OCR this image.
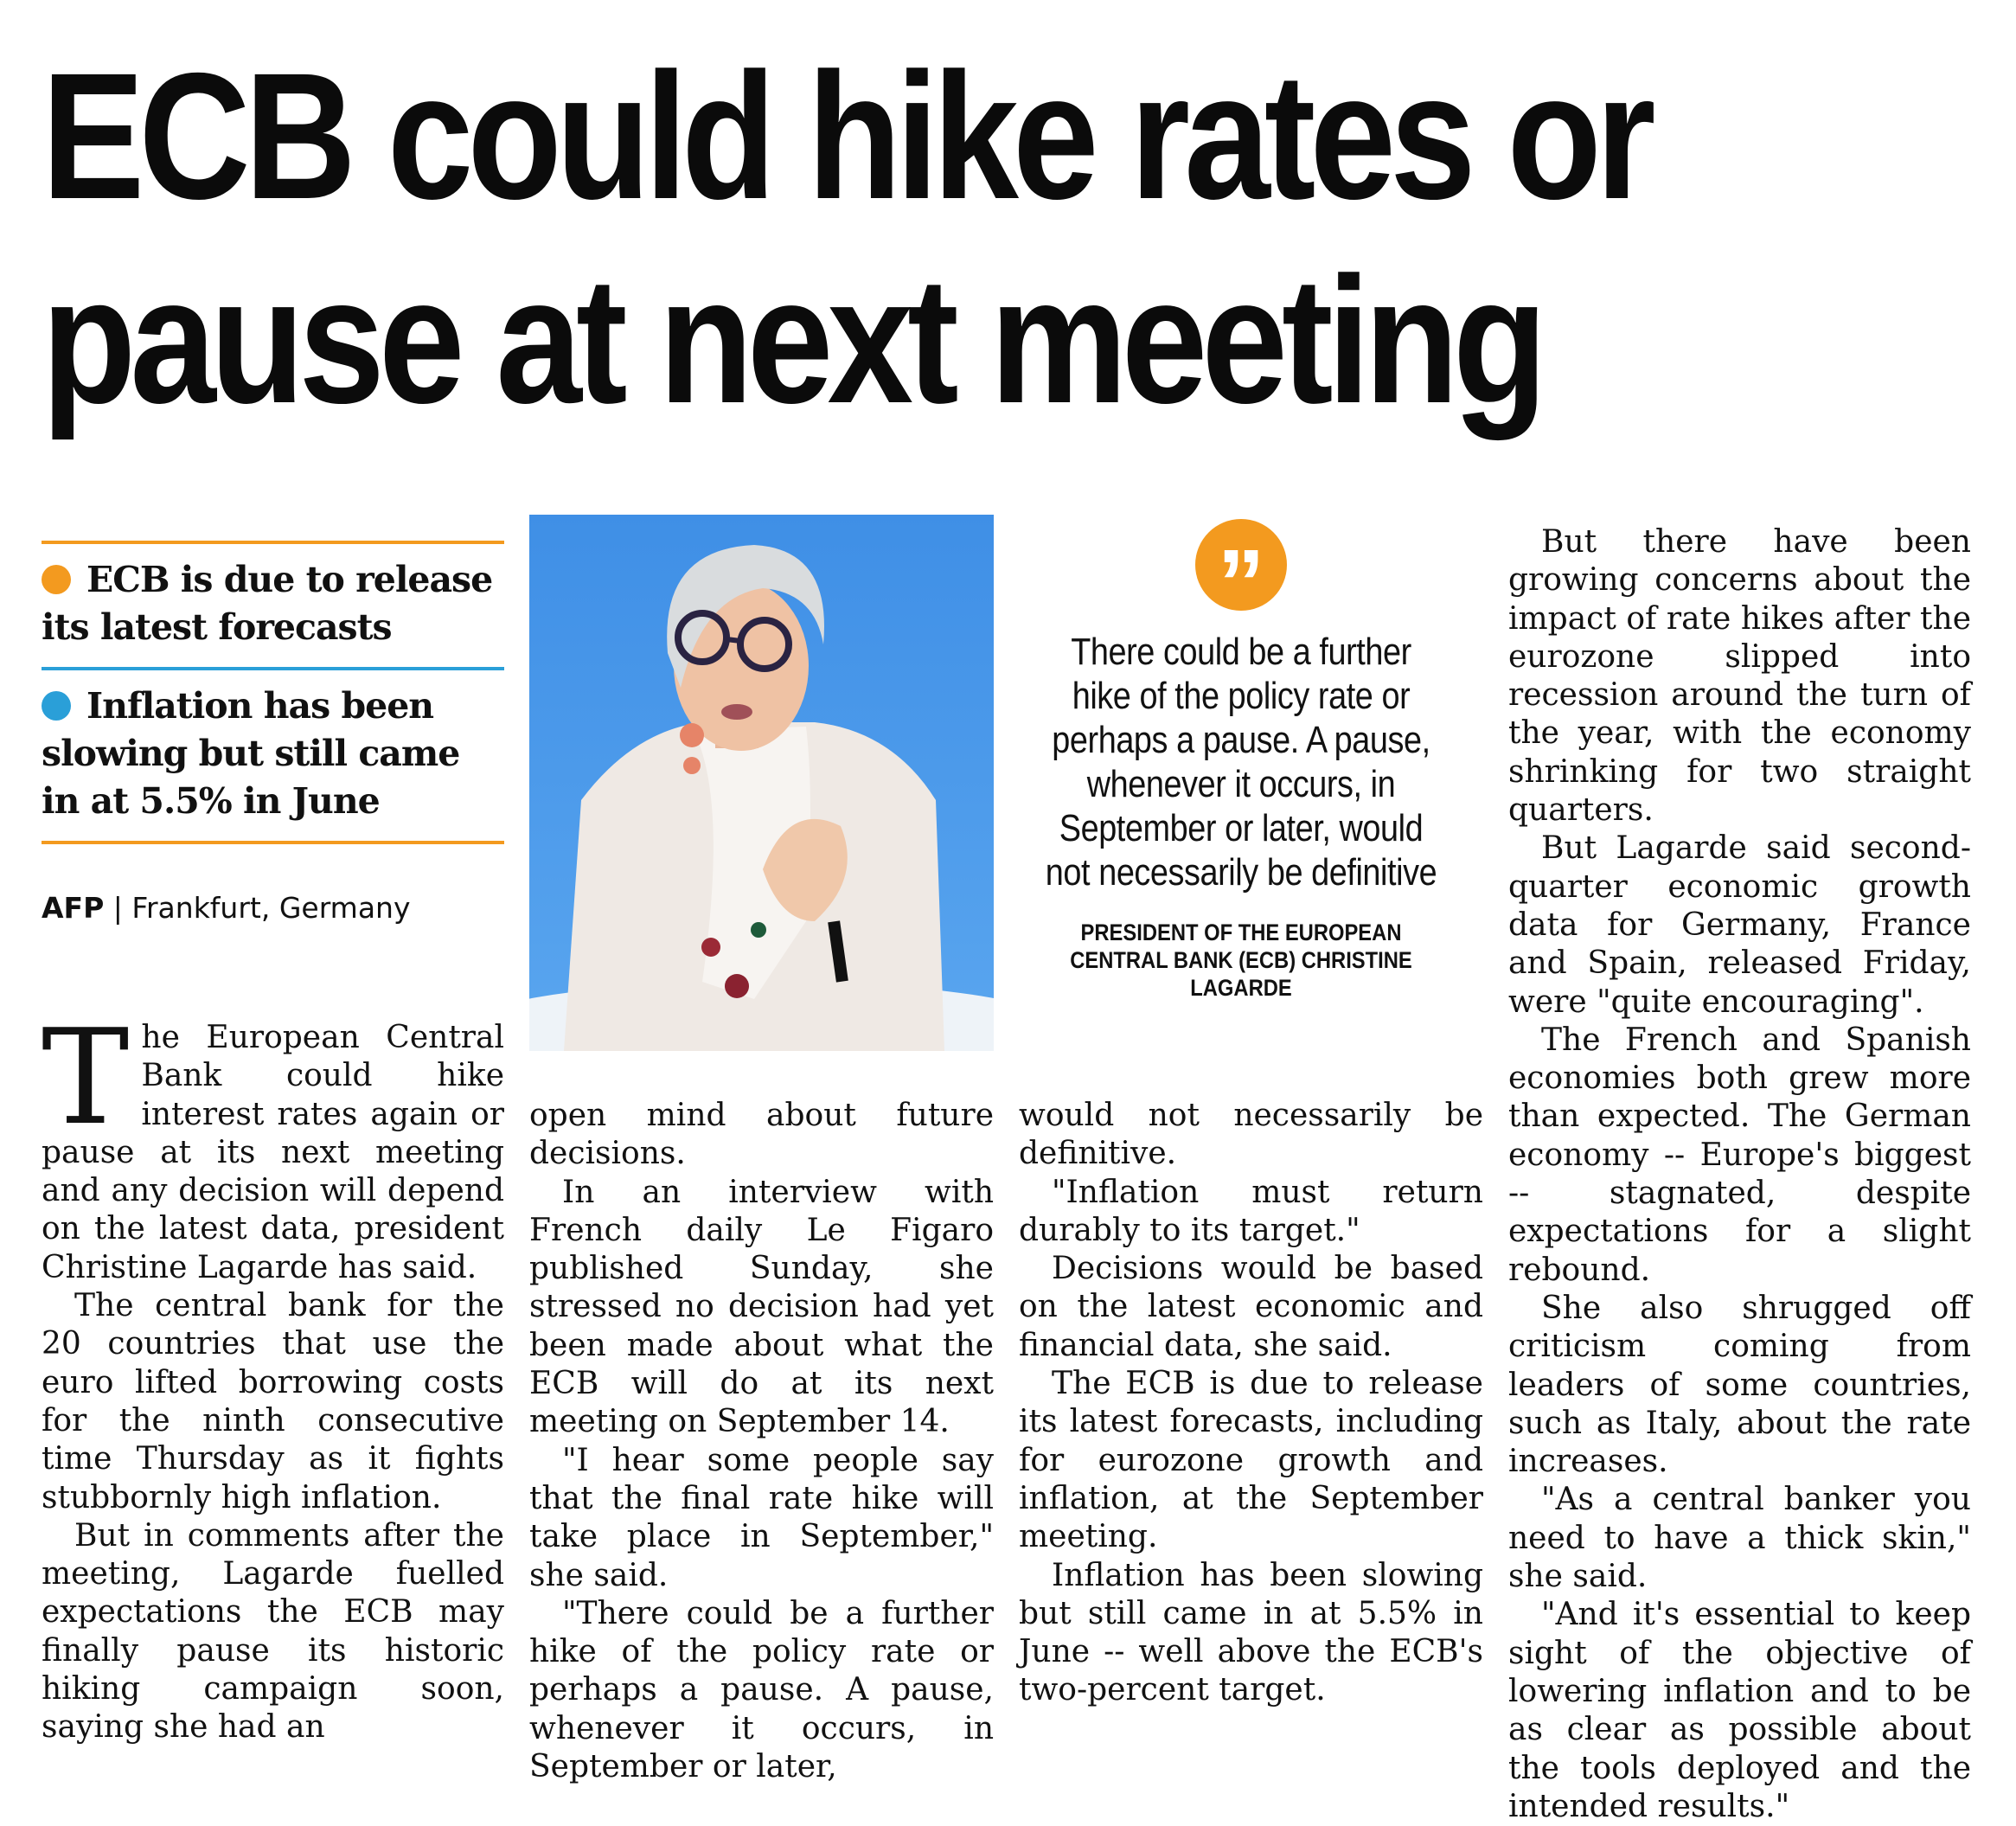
ECB could hike rates or
pause at next meeting
ECB is due to release its latest forecasts
Inflation has been slowing but still came in at 5.5% in June
AFP | Frankfurt, Germany
”
There could be a further hike of the policy rate or perhaps a pause. A pause, whenever it occurs, in September or later, would not necessarily be definitive
PRESIDENT OF THE EUROPEAN CENTRAL BANK (ECB) CHRISTINE LAGARDE
T he European Central Bank could hike interest rates again or pause at its next meeting and any decision will depend on the latest data, president Christine Lagarde has said.

The central bank for the 20 countries that use the euro lifted borrowing costs for the ninth consecutive time Thursday as it fights stubbornly high inflation.

But in comments after the meeting, Lagarde fuelled expectations the ECB may finally pause its historic hiking campaign soon, saying she had an

open mind about future decisions.

In an interview with French daily Le Figaro published Sunday, she stressed no decision had yet been made about what the ECB will do at its next meeting on September 14.

"I hear some people say that the final rate hike will take place in September," she said.

"There could be a further hike of the policy rate or perhaps a pause. A pause, whenever it occurs, in September or later,

would not necessarily be definitive.

"Inflation must return durably to its target."

Decisions would be based on the latest economic and financial data, she said.

The ECB is due to release its latest forecasts, including for eurozone growth and inflation, at the September meeting.

Inflation has been slowing but still came in at 5.5% in June -- well above the ECB's two-percent target.

But there have been growing concerns about the impact of rate hikes after the eurozone slipped into recession around the turn of the year, with the economy shrinking for two straight quarters.

But Lagarde said second-quarter economic growth data for Germany, France and Spain, released Friday, were "quite encouraging".

The French and Spanish economies both grew more than expected. The German economy -- Europe's biggest -- stagnated, despite expectations for a slight rebound.

She also shrugged off criticism coming from leaders of some countries, such as Italy, about the rate increases.

"As a central banker you need to have a thick skin," she said.

"And it's essential to keep sight of the objective of lowering inflation and to be as clear as possible about the tools deployed and the intended results."
